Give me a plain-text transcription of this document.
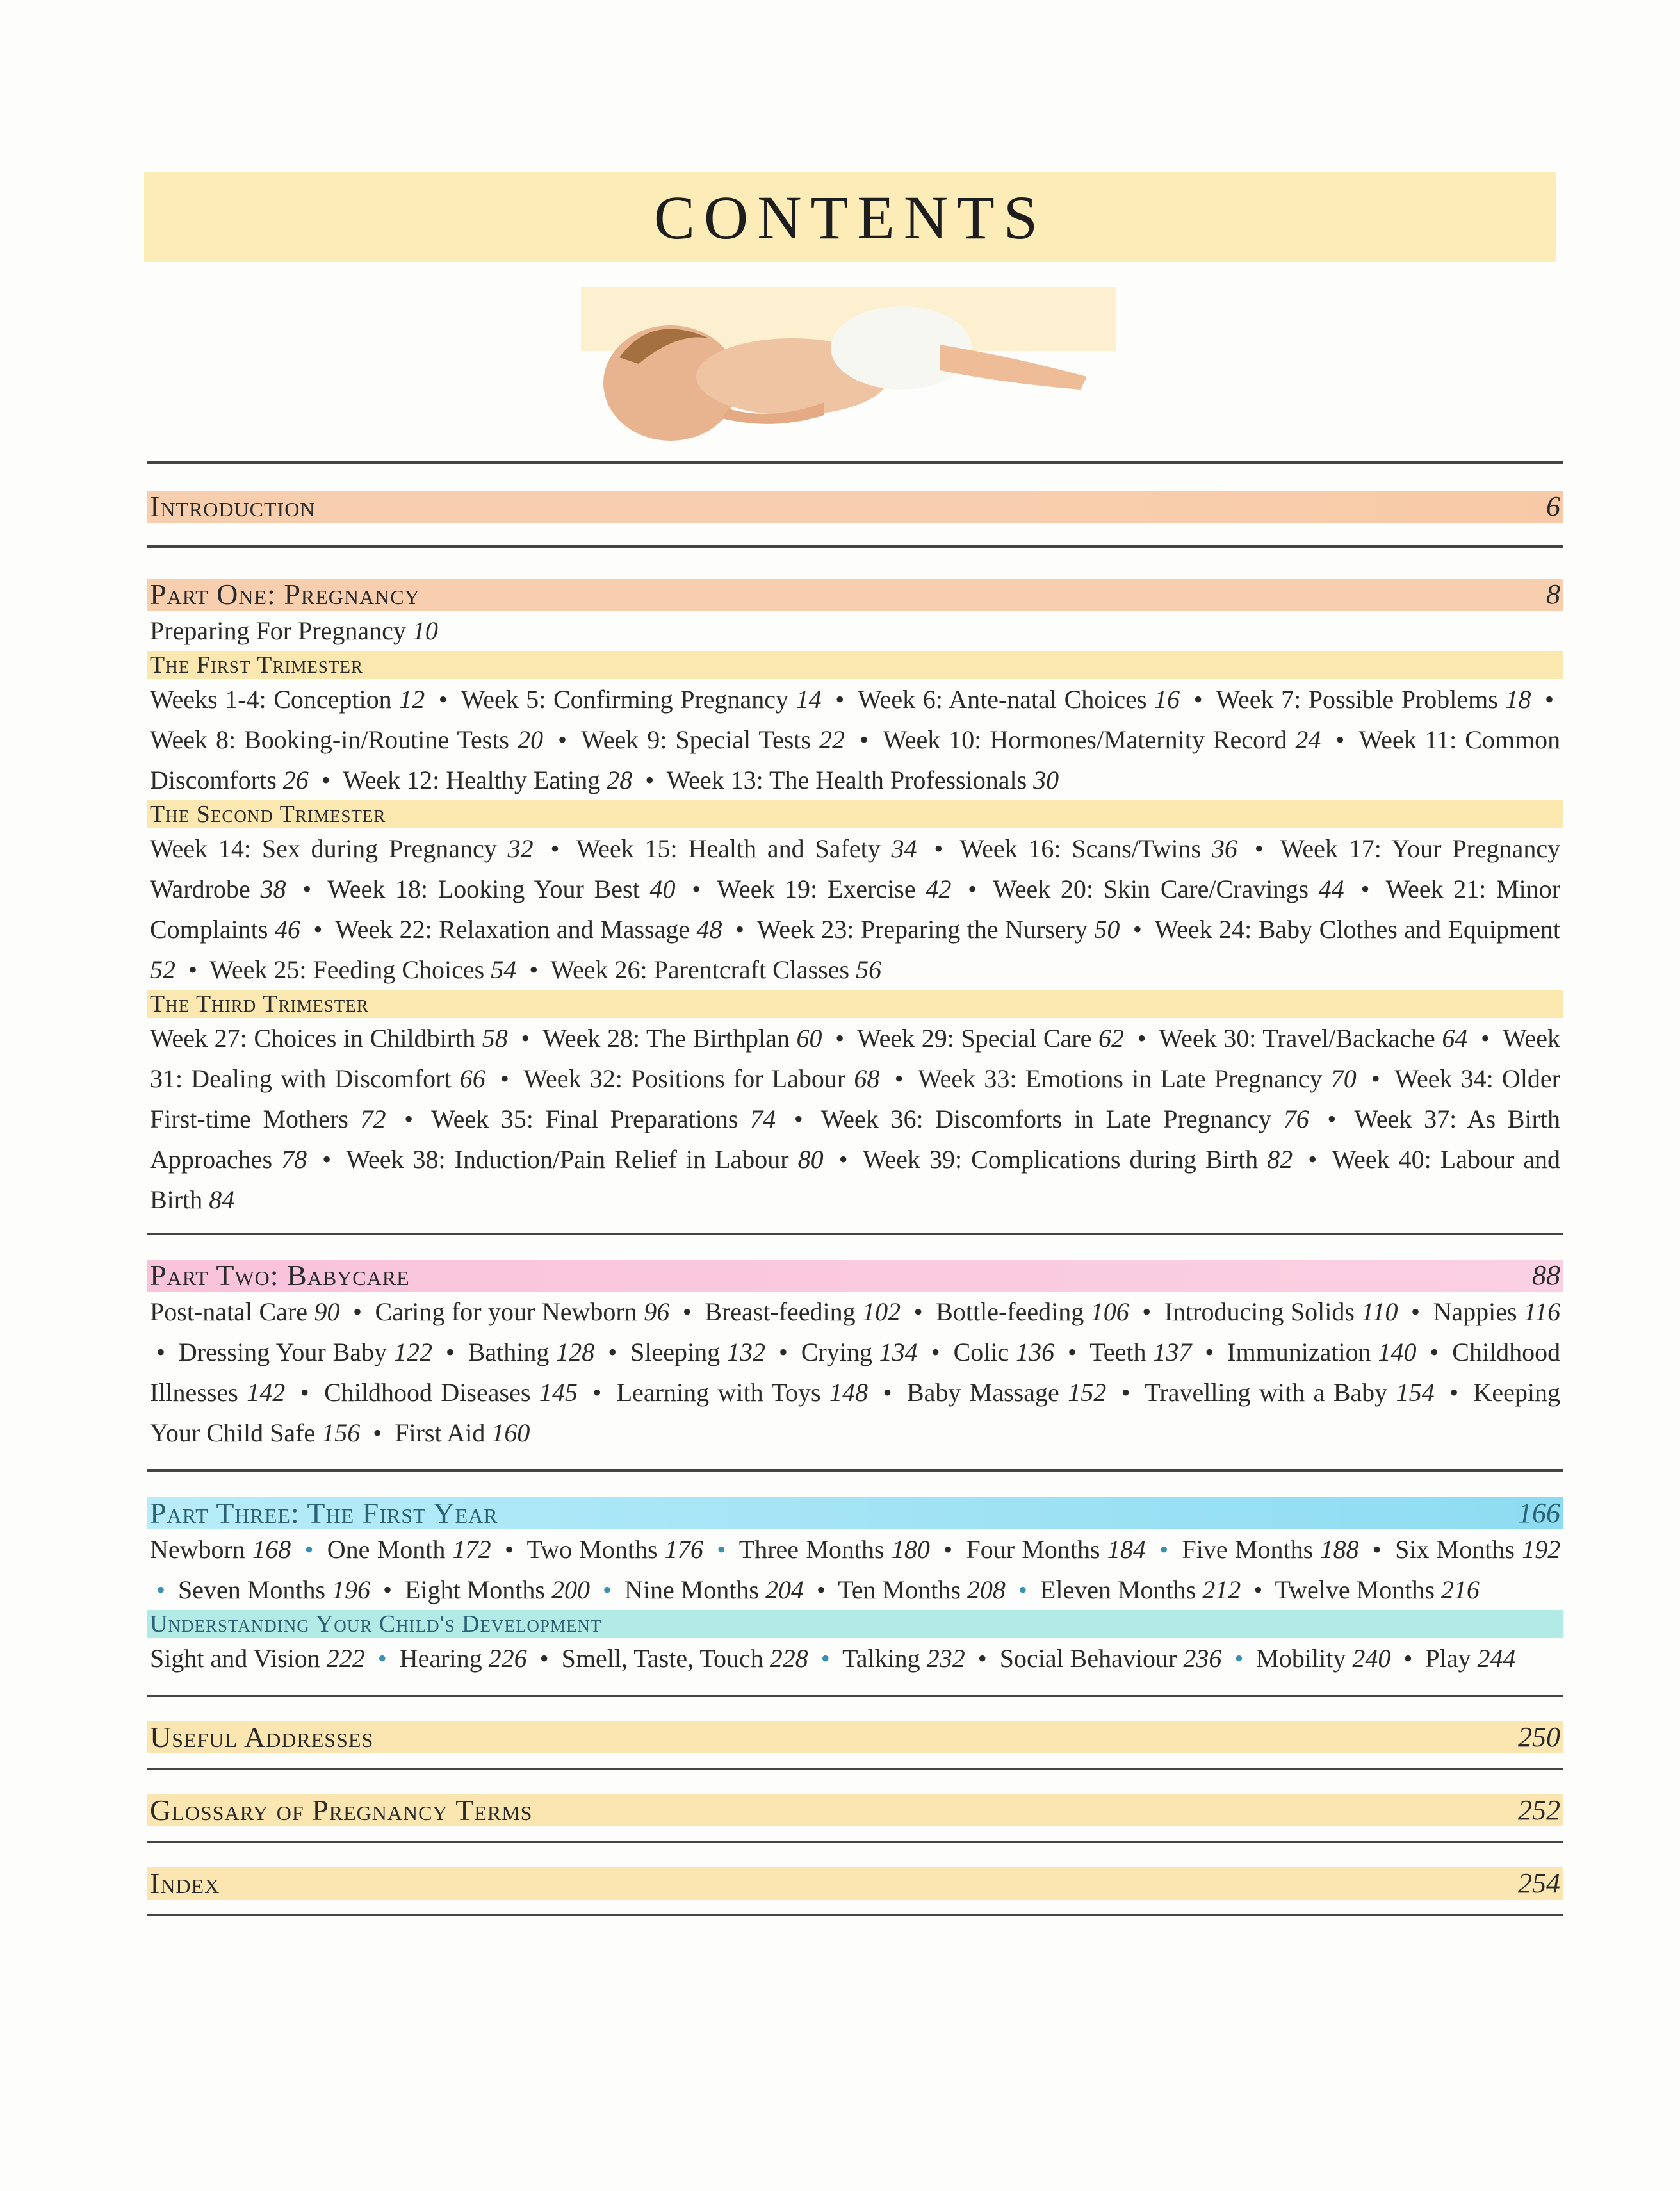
CONTENTS
Introduction	6
Part One: Pregnancy	8
Preparing For Pregnancy 10
The First Trimester
Weeks 1-4: Conception 12 • Week 5: Confirming Pregnancy 14 • Week 6: Ante-natal Choices 16 • Week 7: Possible Problems 18 • Week 8: Booking-in/Routine Tests 20 • Week 9: Special Tests 22 • Week 10: Hormones/Maternity Record 24 • Week 11: Common Discomforts 26 • Week 12: Healthy Eating 28 • Week 13: The Health Professionals 30
The Second Trimester
Week 14: Sex during Pregnancy 32 • Week 15: Health and Safety 34 • Week 16: Scans/Twins 36 • Week 17: Your Pregnancy Wardrobe 38 • Week 18: Looking Your Best 40 • Week 19: Exercise 42 • Week 20: Skin Care/Cravings 44 • Week 21: Minor Complaints 46 • Week 22: Relaxation and Massage 48 • Week 23: Preparing the Nursery 50 • Week 24: Baby Clothes and Equipment 52 • Week 25: Feeding Choices 54 • Week 26: Parentcraft Classes 56
The Third Trimester
Week 27: Choices in Childbirth 58 • Week 28: The Birthplan 60 • Week 29: Special Care 62 • Week 30: Travel/Backache 64 • Week 31: Dealing with Discomfort 66 • Week 32: Positions for Labour 68 • Week 33: Emotions in Late Pregnancy 70 • Week 34: Older First-time Mothers 72 • Week 35: Final Preparations 74 • Week 36: Discomforts in Late Pregnancy 76 • Week 37: As Birth Approaches 78 • Week 38: Induction/Pain Relief in Labour 80 • Week 39: Complications during Birth 82 • Week 40: Labour and Birth 84
Part Two: Babycare	88
Post-natal Care 90 • Caring for your Newborn 96 • Breast-feeding 102 • Bottle-feeding 106 • Introducing Solids 110 • Nappies 116 • Dressing Your Baby 122 • Bathing 128 • Sleeping 132 • Crying 134 • Colic 136 • Teeth 137 • Immunization 140 • Childhood Illnesses 142 • Childhood Diseases 145 • Learning with Toys 148 • Baby Massage 152 • Travelling with a Baby 154 • Keeping Your Child Safe 156 • First Aid 160
Part Three: The First Year	166
Newborn 168 • One Month 172 • Two Months 176 • Three Months 180 • Four Months 184 • Five Months 188 • Six Months 192 • Seven Months 196 • Eight Months 200 • Nine Months 204 • Ten Months 208 • Eleven Months 212 • Twelve Months 216
Understanding Your Child's Development
Sight and Vision 222 • Hearing 226 • Smell, Taste, Touch 228 • Talking 232 • Social Behaviour 236 • Mobility 240 • Play 244
Useful Addresses	250
Glossary of Pregnancy Terms	252
Index	254
